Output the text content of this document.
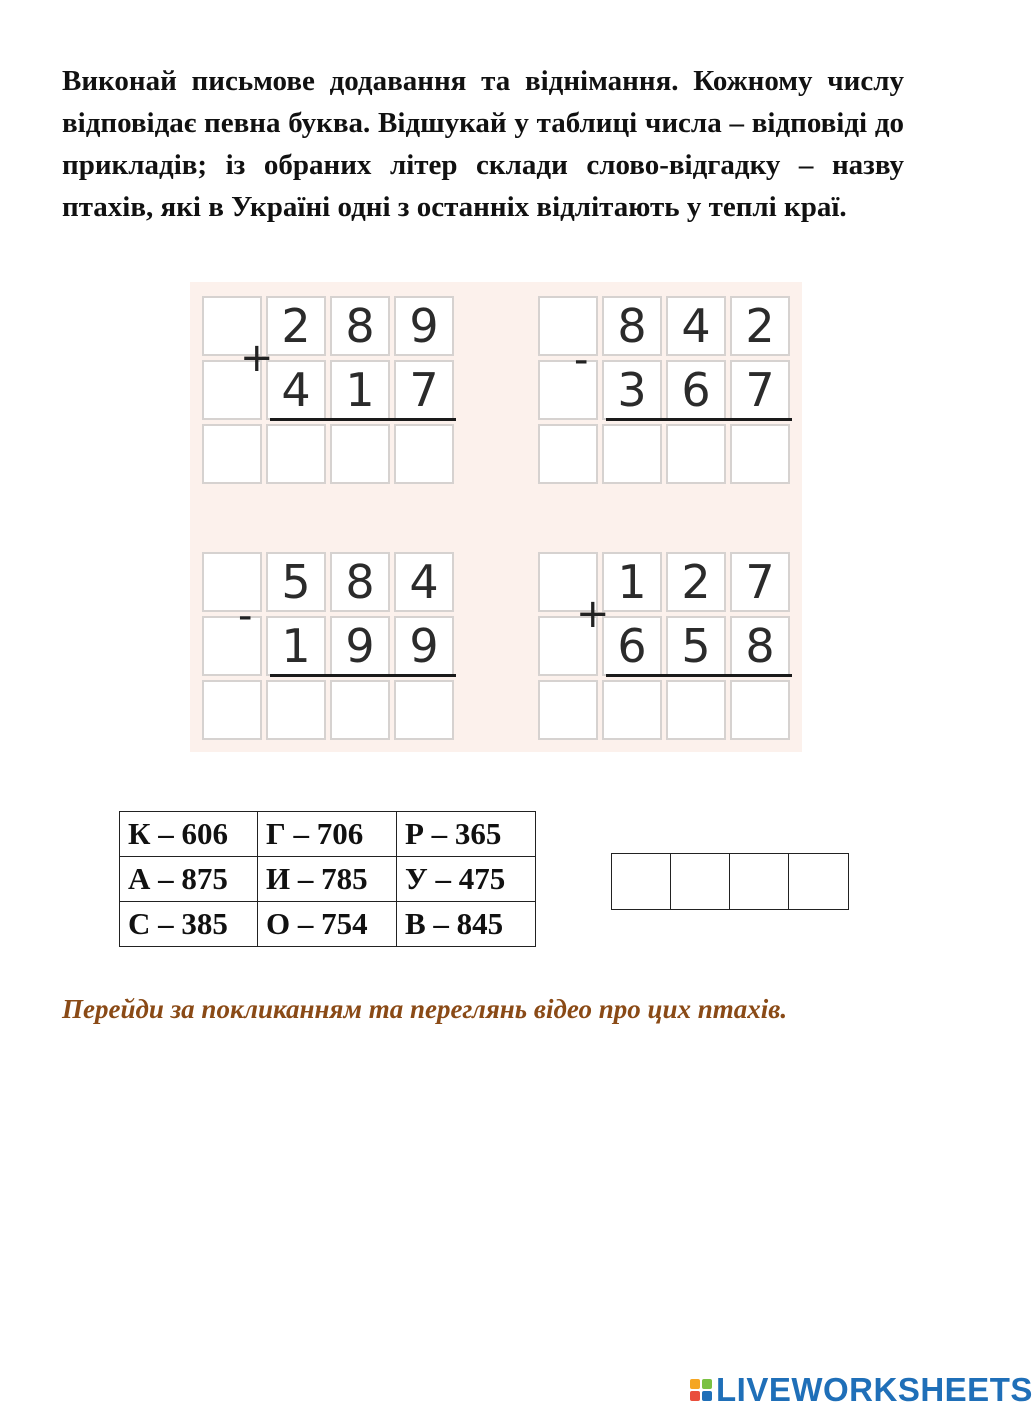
Виконай письмове додавання та віднімання. Кожному числу відповідає певна буква. Відшукай у таблиці числа – відповіді до прикладів; із обраних літер склади слово-відгадку – назву птахів, які в Україні одні з останніх відлітають у теплі краї.

2 8 9
4 1 7
+
8 4 2
3 6 7
-
5 8 4
1 9 9
-
1 2 7
6 5 8
+
К – 606	Г – 706	Р – 365
А – 875	И – 785	У – 475
С – 385	О – 754	В – 845

Перейди за покликанням та переглянь відео про цих птахів.

LIVEWORKSHEETS
